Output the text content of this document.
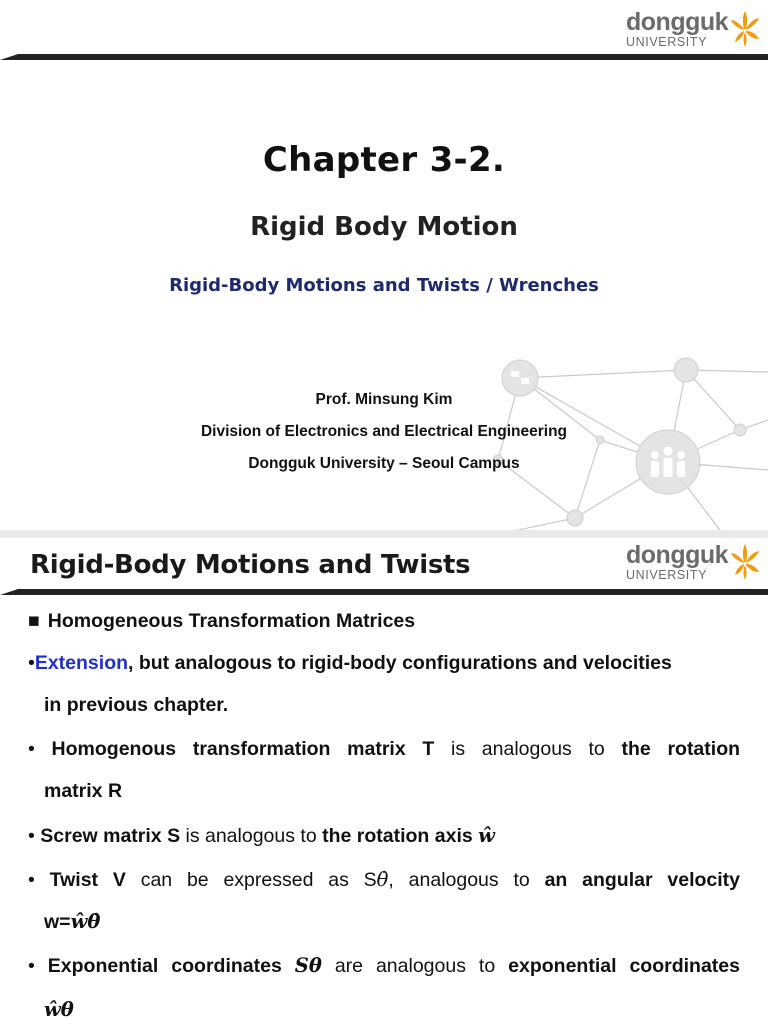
dongguk
UNIVERSITY
Chapter 3-2.
Rigid Body Motion
Rigid-Body Motions and Twists / Wrenches
Prof. Minsung Kim
Division of Electronics and Electrical Engineering
Dongguk University – Seoul Campus
dongguk
UNIVERSITY
Rigid-Body Motions and Twists
■ Homogeneous Transformation Matrices
•Extension, but analogous to rigid-body configurations and velocities
in previous chapter.
• Homogenous transformation matrix T is analogous to the rotation
matrix R
• Screw matrix S is analogous to the rotation axis ŵ
• Twist V can be expressed as Sθ̇, analogous to an angular velocity
w=ŵθ̇
• Exponential coordinates Sθ are analogous to exponential coordinates
ŵθ
